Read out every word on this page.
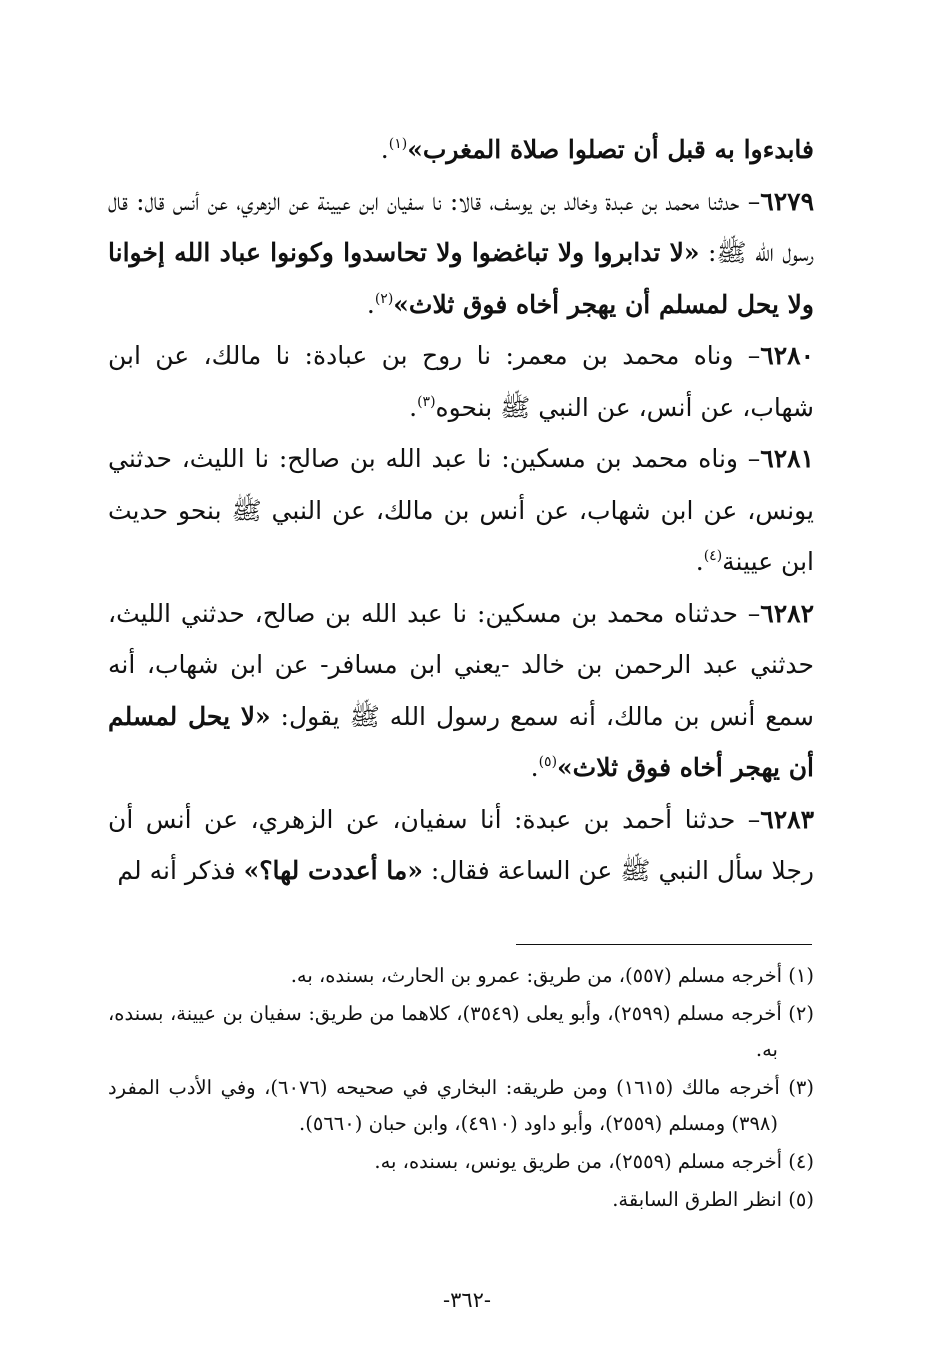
فابدءوا به قبل أن تصلوا صلاة المغرب»$^{(١)}$.

٦٢٧٩– حدثنا محمد بن عبدة وخالد بن يوسف، قالا: نا سفيان ابن عيينة عن الزهري، عن أنس قال: قال رسول الله ﷺ: «لا تدابروا ولا تباغضوا ولا تحاسدوا وكونوا عباد الله إخوانا ولا يحل لمسلم أن يهجر أخاه فوق ثلاث»$^{(٢)}$.

٦٢٨٠– وناه محمد بن معمر: نا روح بن عبادة: نا مالك، عن ابن شهاب، عن أنس، عن النبي ﷺ بنحوه$^{(٣)}$.

٦٢٨١– وناه محمد بن مسكين: نا عبد الله بن صالح: نا الليث، حدثني يونس، عن ابن شهاب، عن أنس بن مالك، عن النبي ﷺ بنحو حديث ابن عيينة$^{(٤)}$.

٦٢٨٢– حدثناه محمد بن مسكين: نا عبد الله بن صالح، حدثني الليث، حدثني عبد الرحمن بن خالد -يعني ابن مسافر- عن ابن شهاب، أنه سمع أنس بن مالك، أنه سمع رسول الله ﷺ يقول: «لا يحل لمسلم أن يهجر أخاه فوق ثلاث»$^{(٥)}$.

٦٢٨٣– حدثنا أحمد بن عبدة: أنا سفيان، عن الزهري، عن أنس أن رجلا سأل النبي ﷺ عن الساعة فقال: «ما أعددت لها؟» فذكر أنه لم

(١) أخرجه مسلم (٥٥٧)، من طريق: عمرو بن الحارث، بسنده، به.

(٢) أخرجه مسلم (٢٥٩٩)، وأبو يعلى (٣٥٤٩)، كلاهما من طريق: سفيان بن عيينة، بسنده، به.

(٣) أخرجه مالك (١٦١٥) ومن طريقه: البخاري في صحيحه (٦٠٧٦)، وفي الأدب المفرد (٣٩٨) ومسلم (٢٥٥٩)، وأبو داود (٤٩١٠)، وابن حبان (٥٦٦٠).

(٤) أخرجه مسلم (٢٥٥٩)، من طريق يونس، بسنده، به.

(٥) انظر الطرق السابقة.

-٣٦٢-
